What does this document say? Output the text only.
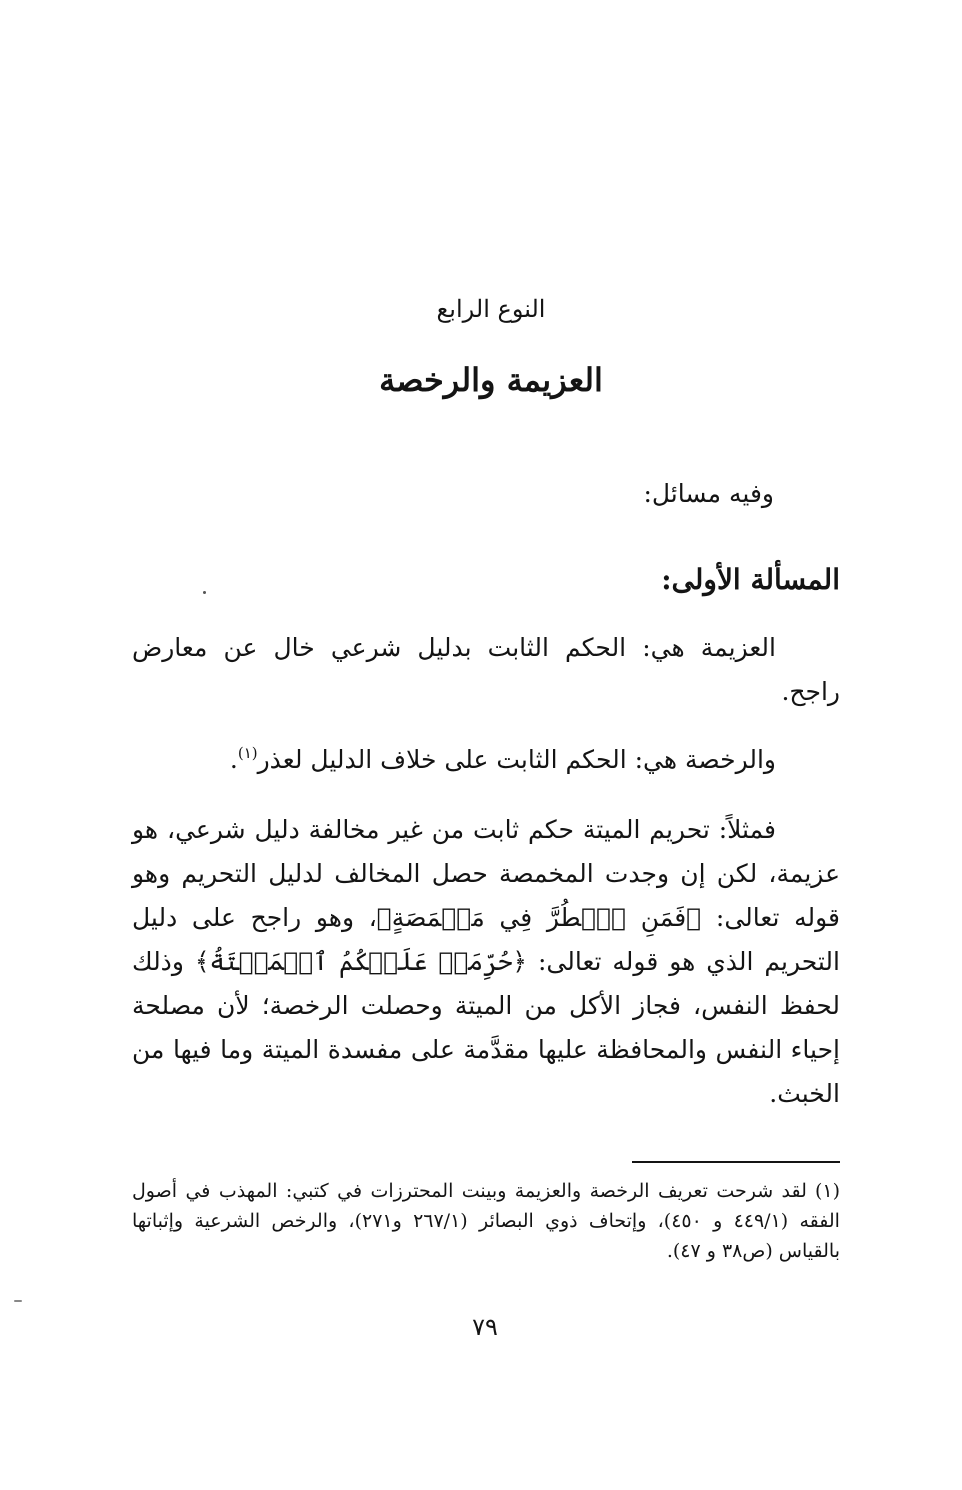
النوع الرابع
العزيمة والرخصة
وفيه مسائل:
المسألة الأولى:
العزيمة هي: الحكم الثابت بدليل شرعي خال عن معارض راجح.
والرخصة هي: الحكم الثابت على خلاف الدليل لعذر$^{(١)}$.
فمثلاً: تحريم الميتة حكم ثابت من غير مخالفة دليل شرعي، هو عزيمة، لكن إن وجدت المخمصة حصل المخالف لدليل التحريم وهو قوله تعالى: ﴿فَمَنِ ٱضۡطُرَّ فِي مَخۡمَصَةٍ﴾، وهو راجح على دليل التحريم الذي هو قوله تعالى: ﴿حُرِّمَتۡ عَلَيۡكُمُ ٱلۡمَيۡتَةُ﴾ وذلك لحفظ النفس، فجاز الأكل من الميتة وحصلت الرخصة؛ لأن مصلحة إحياء النفس والمحافظة عليها مقدَّمة على مفسدة الميتة وما فيها من الخبث.
(١)لقد شرحت تعريف الرخصة والعزيمة وبينت المحترزات في كتبي: المهذب في أصول الفقه (٤٤٩/١ و ٤٥٠)، وإتحاف ذوي البصائر (٢٦٧/١ و٢٧١)، والرخص الشرعية وإثباتها بالقياس (ص٣٨ و ٤٧).
٧٩
